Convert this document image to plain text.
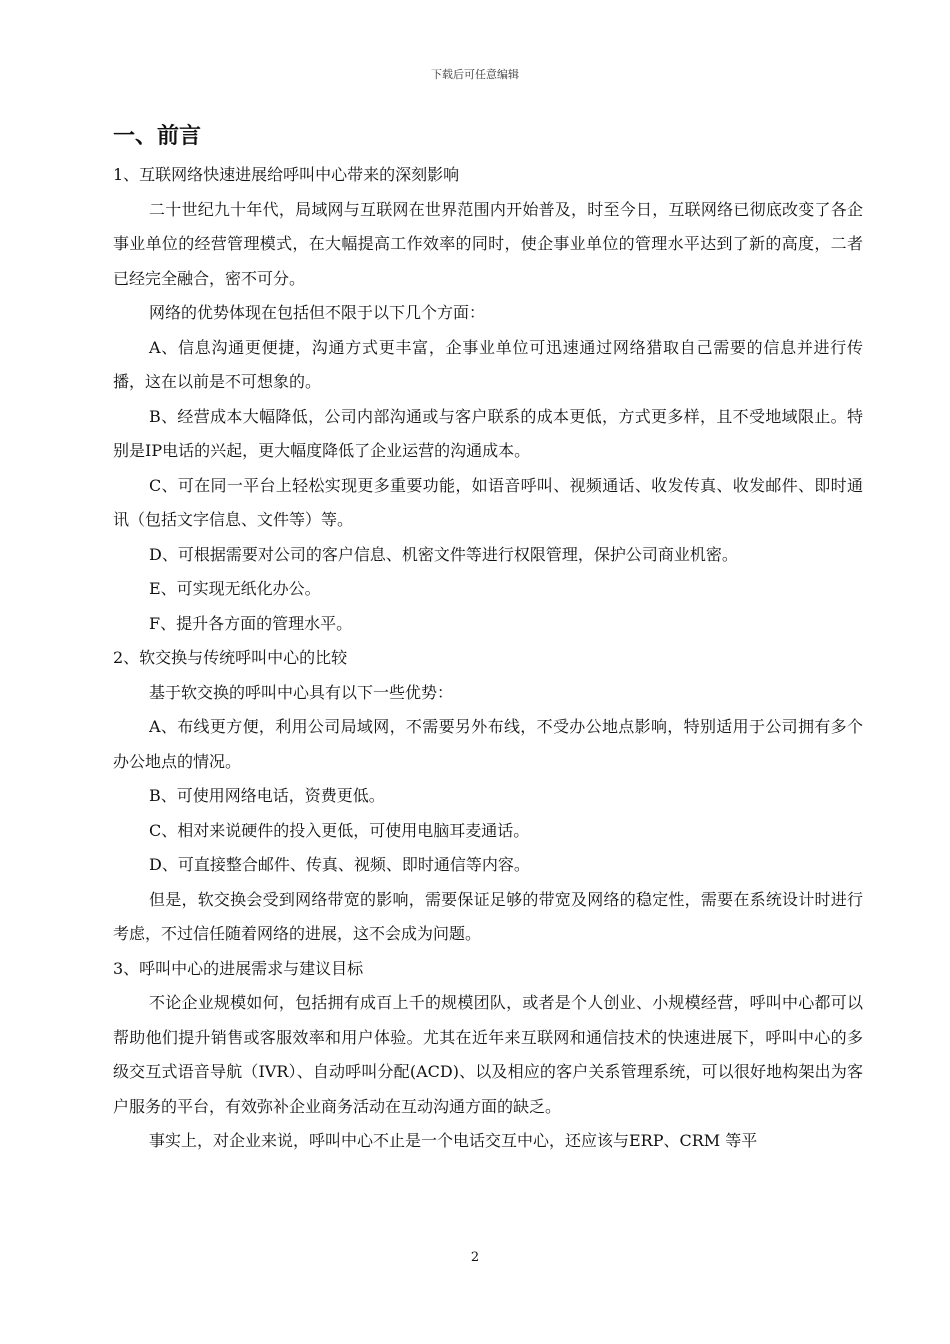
下载后可任意编辑
一、前言

1、互联网络快速进展给呼叫中心带来的深刻影响

二十世纪九十年代，局域网与互联网在世界范围内开始普及，时至今日，互联网络已彻底改变了各企事业单位的经营管理模式，在大幅提高工作效率的同时，使企事业单位的管理水平达到了新的高度，二者已经完全融合，密不可分。

网络的优势体现在包括但不限于以下几个方面：

A、信息沟通更便捷，沟通方式更丰富，企事业单位可迅速通过网络猎取自己需要的信息并进行传播，这在以前是不可想象的。

B、经营成本大幅降低，公司内部沟通或与客户联系的成本更低，方式更多样，且不受地域限止。特别是IP电话的兴起，更大幅度降低了企业运营的沟通成本。

C、可在同一平台上轻松实现更多重要功能，如语音呼叫、视频通话、收发传真、收发邮件、即时通讯（包括文字信息、文件等）等。

D、可根据需要对公司的客户信息、机密文件等进行权限管理，保护公司商业机密。

E、可实现无纸化办公。

F、提升各方面的管理水平。

2、软交换与传统呼叫中心的比较

基于软交换的呼叫中心具有以下一些优势：

A、布线更方便，利用公司局域网，不需要另外布线，不受办公地点影响，特别适用于公司拥有多个办公地点的情况。

B、可使用网络电话，资费更低。

C、相对来说硬件的投入更低，可使用电脑耳麦通话。

D、可直接整合邮件、传真、视频、即时通信等内容。

但是，软交换会受到网络带宽的影响，需要保证足够的带宽及网络的稳定性，需要在系统设计时进行考虑，不过信任随着网络的进展，这不会成为问题。

3、呼叫中心的进展需求与建议目标

不论企业规模如何，包括拥有成百上千的规模团队，或者是个人创业、小规模经营，呼叫中心都可以帮助他们提升销售或客服效率和用户体验。尤其在近年来互联网和通信技术的快速进展下，呼叫中心的多级交互式语音导航（IVR）、自动呼叫分配(ACD)、以及相应的客户关系管理系统，可以很好地构架出为客户服务的平台，有效弥补企业商务活动在互动沟通方面的缺乏。

事实上，对企业来说，呼叫中心不止是一个电话交互中心，还应该与ERP、CRM 等平

2
